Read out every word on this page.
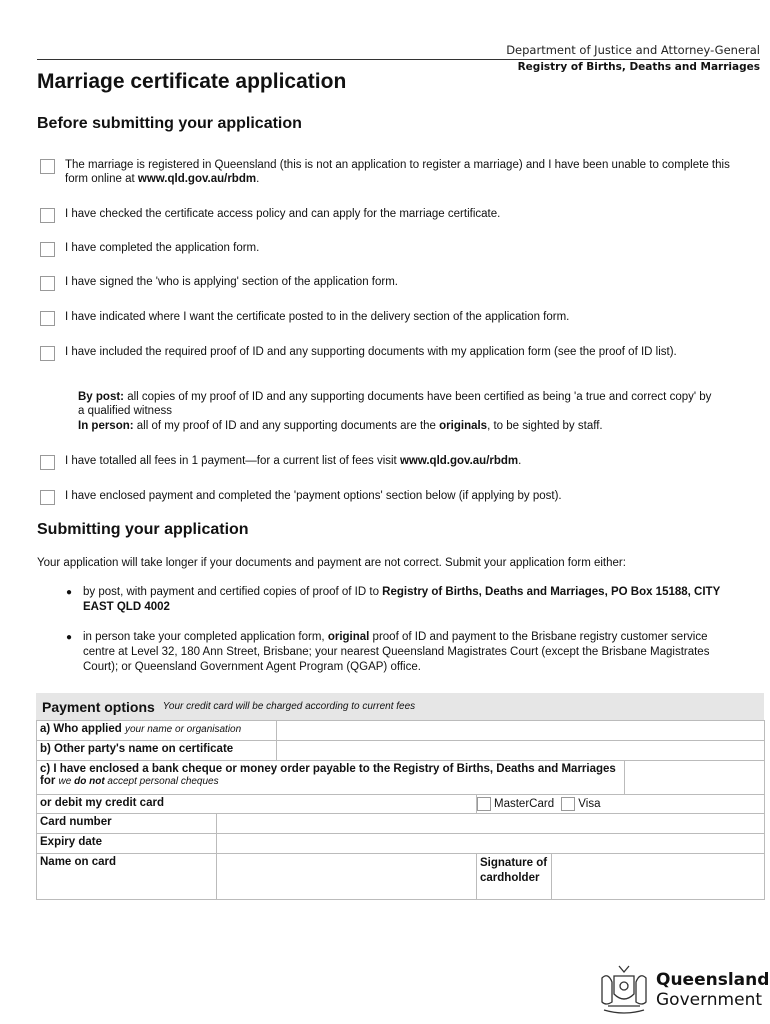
Department of Justice and Attorney-General
Registry of Births, Deaths and Marriages
Marriage certificate application
Before submitting your application
The marriage is registered in Queensland (this is not an application to register a marriage) and I have been unable to complete this form online at www.qld.gov.au/rbdm.
I have checked the certificate access policy and can apply for the marriage certificate.
I have completed the application form.
I have signed the 'who is applying' section of the application form.
I have indicated where I want the certificate posted to in the delivery section of the application form.
I have included the required proof of ID and any supporting documents with my application form (see the proof of ID list).
By post: all copies of my proof of ID and any supporting documents have been certified as being 'a true and correct copy' by a qualified witness
In person: all of my proof of ID and any supporting documents are the originals, to be sighted by staff.
I have totalled all fees in 1 payment—for a current list of fees visit www.qld.gov.au/rbdm.
I have enclosed payment and completed the 'payment options' section below (if applying by post).
Submitting your application
Your application will take longer if your documents and payment are not correct. Submit your application form either:
● by post, with payment and certified copies of proof of ID to Registry of Births, Deaths and Marriages, PO Box 15188, CITY EAST QLD 4002
● in person take your completed application form, original proof of ID and payment to the Brisbane registry customer service centre at Level 32, 180 Ann Street, Brisbane; your nearest Queensland Magistrates Court (except the Brisbane Magistrates Court); or Queensland Government Agent Program (QGAP) office.
Payment options Your credit card will be charged according to current fees
a) Who applied your name or organisation					
b) Other party's name on certificate					
c) I have enclosed a bank cheque or money order payable to the Registry of Births, Deaths and Marriages for we do not accept personal cheques					
or debit my credit card			MasterCard Visa		
Card number					
Expiry date					
Name on card			Signature of cardholder		
Queensland
Government
